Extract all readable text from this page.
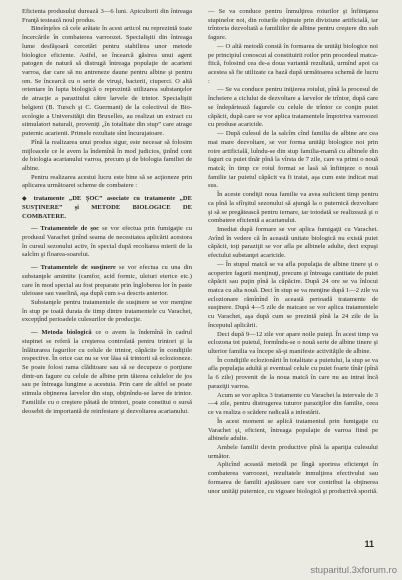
Eficienta produsului durează 3—6 luni. Apicultorii din întreaga Franţă testează noul produs.

Bineînţeles că cele arătate în acest articol nu reprezintă toate încercările în combaterea varroozei. Specialiştii din întreaga lume desfăşoară cercetări pentru stabilirea unor metode biologice eficiente. Astfel, se încearcă găsirea unui agent patogen de natură să distrugă întreaga populaţie de acarieni varroa, dar care să nu antreneze daune pentru albine şi pentru om. Se încearcă cu o serie de viruşi, bacterii, ciuperci. O altă orientare în lupta biologică o reprezintă utilizarea substanţelor de atracţie a parazitului către larvele de trintor. Specialiştii belgieni (B. Tursch şi C. Guermant) de la colectivul de Bio-ecologie a Universităţii din Bruxelles, au realizat un extract cu stimulatori naturali, proveniţi „în totalitate din stup” care atrage puternic acarienii. Primele rezultate sînt încurajatoare.

Pînă la realizarea unui produs sigur, este necesar să folosim mijloacele ce le avem la îndemînă în mod judicios, ţinînd cont de biologia acarianului varroa, precum şi de biologia familiei de albine.

Pentru realizarea acestui lucru este bine să se acţioneze prin aplicarea următoarei scheme de combatere :

◆ tratamente „DE ŞOC” asociate cu tratamente „DE SUSŢINERE” şi METODE BIOLOGICE DE COMBATERE.

— Tratamentele de şoc se vor efectua prin fumigaţie cu produsul Varachet ţinînd seama de necesitatea aplicării acestora în cursul sezonului activ, în special după recoltarea mierii de la salcîm şi floarea-soarelui.

— Tratamentele de susţinere se vor efectua cu una din substanţele amintite (camfor, acid formic, uleiuri eterice etc.) care în mod special au fost preparate prin îngloberea lor în paste uleioase sau vaselină, aşa după cum s-a descris anterior.

Substanţele pentru tratamentele de susţinere se vor menţine în stup pe toată durata de timp dintre tratamentele cu Varachet, excepţînd perioadele culesurilor de producţie.

— Metoda biologică ce o avem la îndemînă în cadrul stupinei se referă la creşterea controlată pentru trintori şi la înlăturarea fagurilor cu celule de trintor, căpăcite în condiţiile respective. În orice caz nu se vor lăsa să trintorii să eclozioneze. Se poate folosi rama clăditoare sau să se decupeze o porţiune dintr-un fagure cu celule de albine prin tăierea celulelor de jos sau pe întreaga lungime a acestuia. Prin care de altfel se poate stimula obţinerea larvelor din stup, obţinîndu-se larve de trintor. Familiile cu o creştere pătată de trintori, poate constitui o sursă deosebit de importantă de reinfestare şi dezvoltarea acarianului.

— Se va conduce pentru înmulţirea roiurilor şi înfiinţarea stupinelor noi, din roiurile obţinute prin diviziune artificială, iar trîntoria dezvoltată a familiilor de albine pentru creştere din sub fagure.

— O altă metodă constă în formarea de unităţi biologice noi pe principiul conoscut al constituirii roilor prin procedeul matca-fiică, folosind cea de-a doua variantă rezultată, urmînd apoi ca acestea să fie utilizate ca bază după următoarea schemă de lucru :

— Se va conduce pentru iniţierea roiului, pînă la procesul de încheiere a ciclului de dezvoltare a larvelor de trîntor, după care se îndepărtează fagurele cu celule de trîntor ce conţin puiet căpăcit, după care se vor aplica tratamentele împotriva varroozei cu produse acaricide.

— După culesul de la salcîm cînd familia de albine are cea mai mare dezvoltare, se vor forma unităţi biologice noi prin roire artificială, luîndu-se din stup familia-mamă cu albinele din faguri cu puiet tînăr pînă la vîrsta de 7 zile, care va primi o nouă matcă; în timp ce roiul format se lasă să înfiinţeze o nouă familie iar puietul căpăcit va fi tratat, aşa cum este indicat mai sus.

În aceste condiţii noua familie va avea suficient timp pentru ca pînă la sfîrşitul sezonului să ajungă la o puternică dezvoltare şi să se pregătească pentru iernare, iar totodată se realizează şi o combatere eficientă a acarianului.

Imediat după formare se vor aplica fumigaţii cu Varachet. Avînd în vedere că în această unitate biologică nu există puiet căpăcit, toţi paraziţii se vor afla pe albinele adulte, deci expuşi efectului substanţei acaricide.

— În stupul matcă se va afla populaţia de albine tinere şi o acoperire fagurii menţinuţi, precum şi întreaga cantitate de puiet căpăcit sau puţin pînă la căpăcire. După 24 ore se va înlocui matca cu alta nouă. Deci în stup se va menţine după 1—2 zile va eclozionare rămînînd în această perioadă tratamente de susţinere. După 4—5 zile de matcare se vor aplica tratamentele cu Varachet, aşa după cum se prezintă pînă la 24 zile de la începutul aplicării.

Deci după 9—12 zile vor apare noile puieţi. În acest timp va eclozona tot puietul, formîndu-se o nouă serie de albine tinere şi ulterior familia va începe să-şi manifeste activităţile de albine.

În condiţiile eclozionării în totalitate a puietului, la stup se va afla populaţia adultă şi eventual celule cu puiet foarte tînăr (pînă la 6 zile) provenit de la noua matcă în care nu au intrat încă paraziţii varroa.

Acum se vor aplica 3 tratamente cu Varachet la intervale de 3—4 zile, pentru distrugerea tuturor paraziţilor din familie, ceea ce va realiza o scădere radicală a infestării.

În acest moment se aplică tratamentul prin fumigaţie cu Varachet şi, eficient, întreaga populaţie de varroa fiind pe albinele adulte.

Ambele familii devin productive pînă la apariţia culesului următor.

Aplicînd această metodă pe lîngă sporirea eficienţei în combaterea varroozei, rezultatele inmulţirea efectivului sau formarea de familii ajutătoare care vor contribui la obţinerea unor unităţi puternice, cu vigoare biologică şi productivă sporită.

11
stuparitul.3xforum.ro
